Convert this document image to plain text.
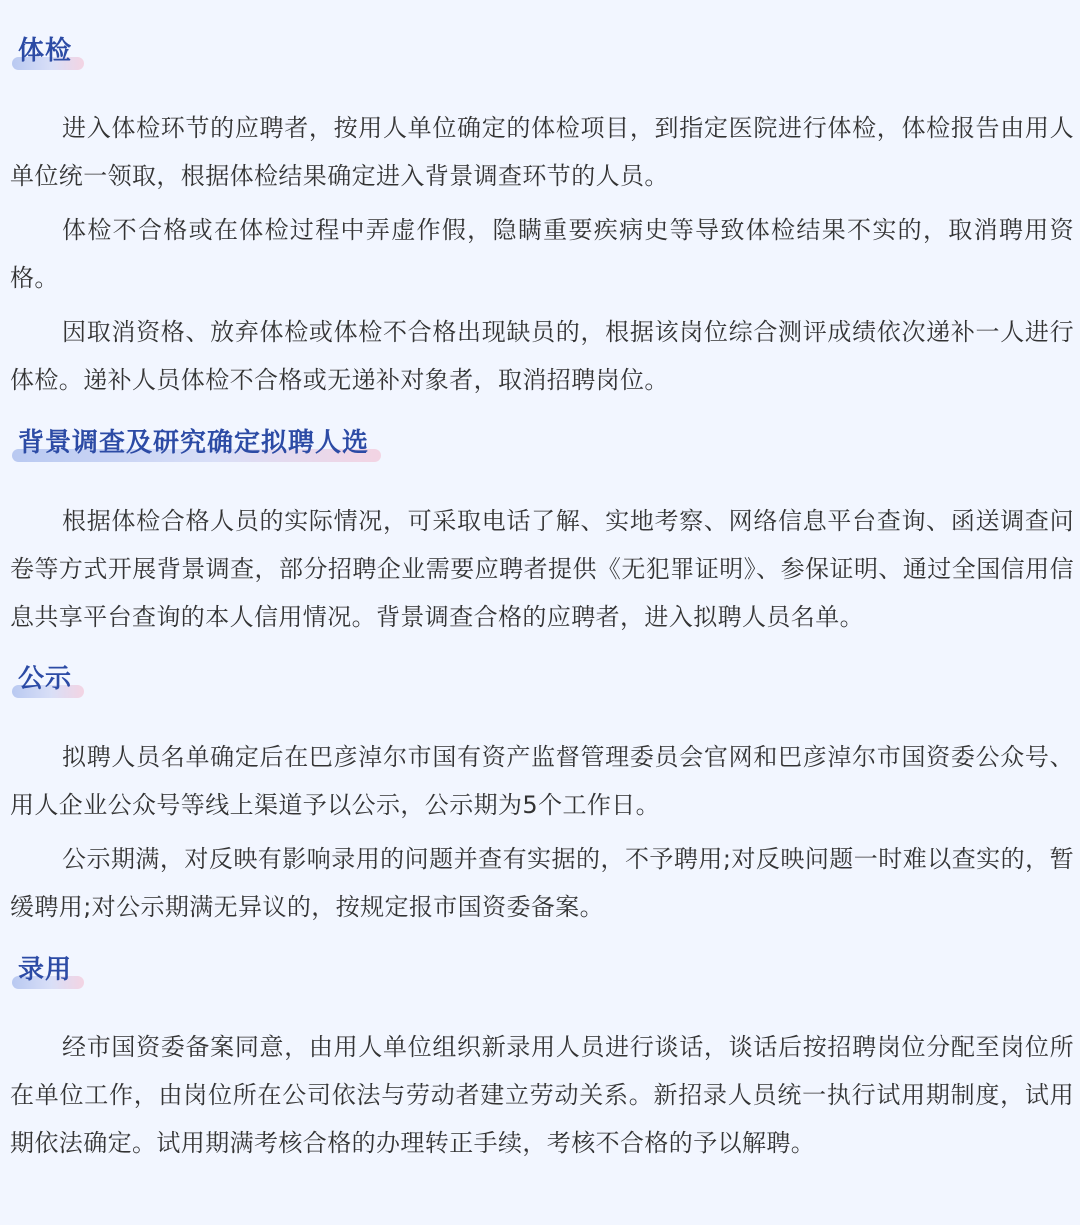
体检

进入体检环节的应聘者，按用人单位确定的体检项目，到指定医院进行体检，体检报告由用人单位统一领取，根据体检结果确定进入背景调查环节的人员。

体检不合格或在体检过程中弄虚作假，隐瞒重要疾病史等导致体检结果不实的，取消聘用资格。

因取消资格、放弃体检或体检不合格出现缺员的，根据该岗位综合测评成绩依次递补一人进行体检。递补人员体检不合格或无递补对象者，取消招聘岗位。

背景调查及研究确定拟聘人选

根据体检合格人员的实际情况，可采取电话了解、实地考察、网络信息平台查询、函送调查问卷等方式开展背景调查，部分招聘企业需要应聘者提供《无犯罪证明》、参保证明、通过全国信用信息共享平台查询的本人信用情况。背景调查合格的应聘者，进入拟聘人员名单。

公示

拟聘人员名单确定后在巴彦淖尔市国有资产监督管理委员会官网和巴彦淖尔市国资委公众号、用人企业公众号等线上渠道予以公示，公示期为5个工作日。

公示期满，对反映有影响录用的问题并查有实据的，不予聘用;对反映问题一时难以查实的，暂缓聘用;对公示期满无异议的，按规定报市国资委备案。

录用

经市国资委备案同意，由用人单位组织新录用人员进行谈话，谈话后按招聘岗位分配至岗位所在单位工作，由岗位所在公司依法与劳动者建立劳动关系。新招录人员统一执行试用期制度，试用期依法确定。试用期满考核合格的办理转正手续，考核不合格的予以解聘。
